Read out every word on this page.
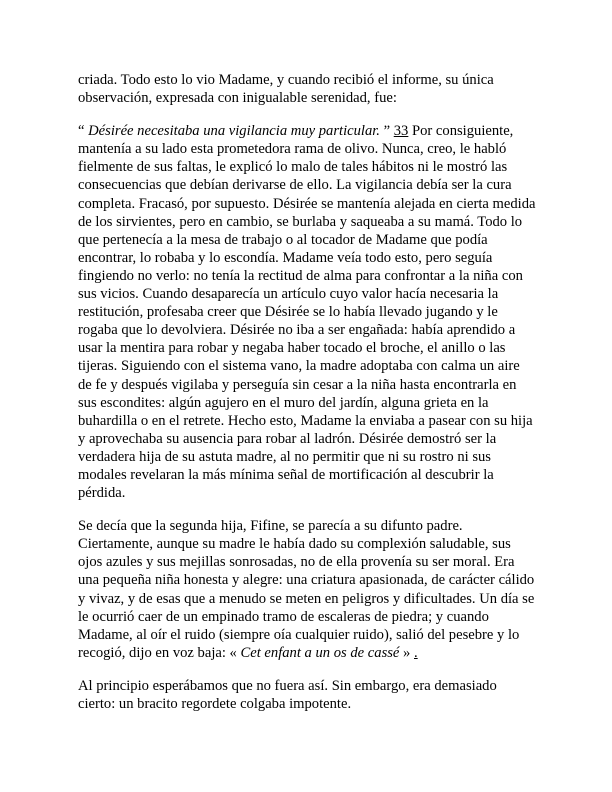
criada. Todo esto lo vio Madame, y cuando recibió el informe, su única observación, expresada con inigualable serenidad, fue:

“ Désirée necesitaba una vigilancia muy particular. ” 33 Por consiguiente, mantenía a su lado esta prometedora rama de olivo. Nunca, creo, le habló fielmente de sus faltas, le explicó lo malo de tales hábitos ni le mostró las consecuencias que debían derivarse de ello. La vigilancia debía ser la cura completa. Fracasó, por supuesto. Désirée se mantenía alejada en cierta medida de los sirvientes, pero en cambio, se burlaba y saqueaba a su mamá. Todo lo que pertenecía a la mesa de trabajo o al tocador de Madame que podía encontrar, lo robaba y lo escondía. Madame veía todo esto, pero seguía fingiendo no verlo: no tenía la rectitud de alma para confrontar a la niña con sus vicios. Cuando desaparecía un artículo cuyo valor hacía necesaria la restitución, profesaba creer que Désirée se lo había llevado jugando y le rogaba que lo devolviera. Désirée no iba a ser engañada: había aprendido a usar la mentira para robar y negaba haber tocado el broche, el anillo o las tijeras. Siguiendo con el sistema vano, la madre adoptaba con calma un aire de fe y después vigilaba y perseguía sin cesar a la niña hasta encontrarla en sus escondites: algún agujero en el muro del jardín, alguna grieta en la buhardilla o en el retrete. Hecho esto, Madame la enviaba a pasear con su hija y aprovechaba su ausencia para robar al ladrón. Désirée demostró ser la verdadera hija de su astuta madre, al no permitir que ni su rostro ni sus modales revelaran la más mínima señal de mortificación al descubrir la pérdida.

Se decía que la segunda hija, Fifine, se parecía a su difunto padre. Ciertamente, aunque su madre le había dado su complexión saludable, sus ojos azules y sus mejillas sonrosadas, no de ella provenía su ser moral. Era una pequeña niña honesta y alegre: una criatura apasionada, de carácter cálido y vivaz, y de esas que a menudo se meten en peligros y dificultades. Un día se le ocurrió caer de un empinado tramo de escaleras de piedra; y cuando Madame, al oír el ruido (siempre oía cualquier ruido), salió del pesebre y lo recogió, dijo en voz baja: « Cet enfant a un os de cassé » .

Al principio esperábamos que no fuera así. Sin embargo, era demasiado cierto: un bracito regordete colgaba impotente.
